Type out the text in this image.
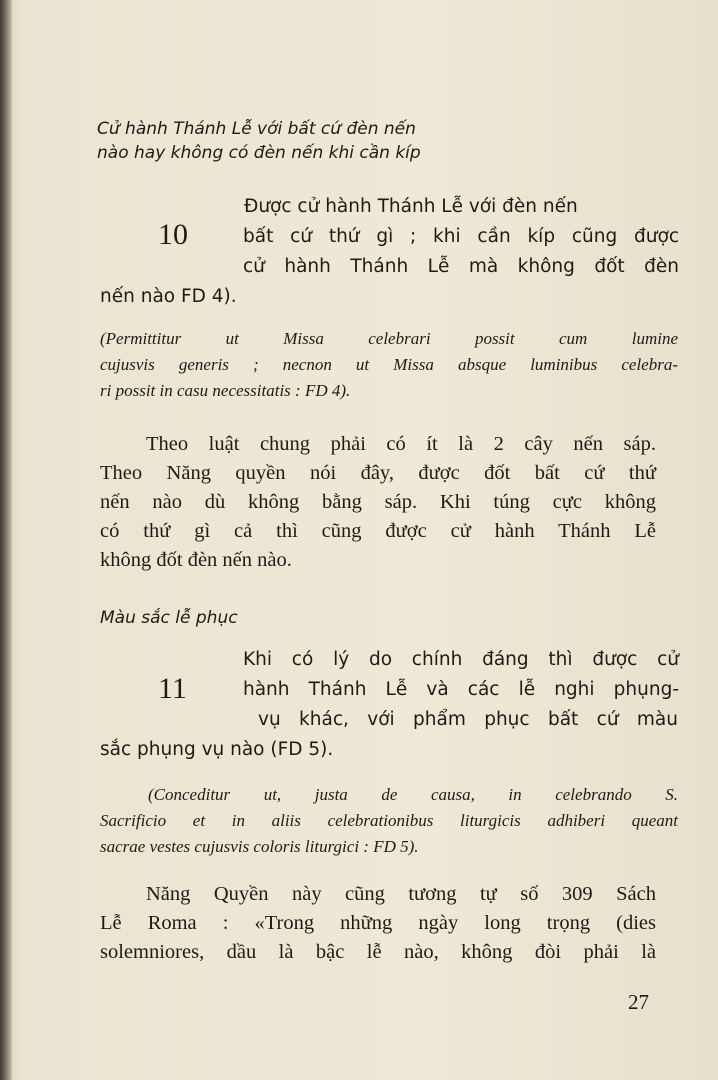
Cử hành Thánh Lễ với bất cứ đèn nến
nào hay không có đèn nến khi cần kíp
10
Được cử hành Thánh Lễ với đèn nến
bất cứ thứ gì ; khi cần kíp cũng được
cử hành Thánh Lễ mà không đốt đèn
nến nào FD 4).
(Permittitur ut Missa celebrari possit cum lumine
cujusvis generis ; necnon ut Missa absque luminibus celebra-
ri possit in casu necessitatis : FD 4).
Theo luật chung phải có ít là 2 cây nến sáp.
Theo Năng quyền nói đây, được đốt bất cứ thứ
nến nào dù không bằng sáp. Khi túng cực không
có thứ gì cả thì cũng được cử hành Thánh Lễ
không đốt đèn nến nào.
Màu sắc lễ phục
11
Khi có lý do chính đáng thì được cử
hành Thánh Lễ và các lễ nghi phụng-
vụ khác, với phẩm phục bất cứ màu
sắc phụng vụ nào (FD 5).
(Conceditur ut, justa de causa, in celebrando S.
Sacrificio et in aliis celebrationibus liturgicis adhiberi queant
sacrae vestes cujusvis coloris liturgici : FD 5).
Năng Quyền này cũng tương tự số 309 Sách
Lễ Roma : «Trong những ngày long trọng (dies
solemniores, dầu là bậc lễ nào, không đòi phải là
27
